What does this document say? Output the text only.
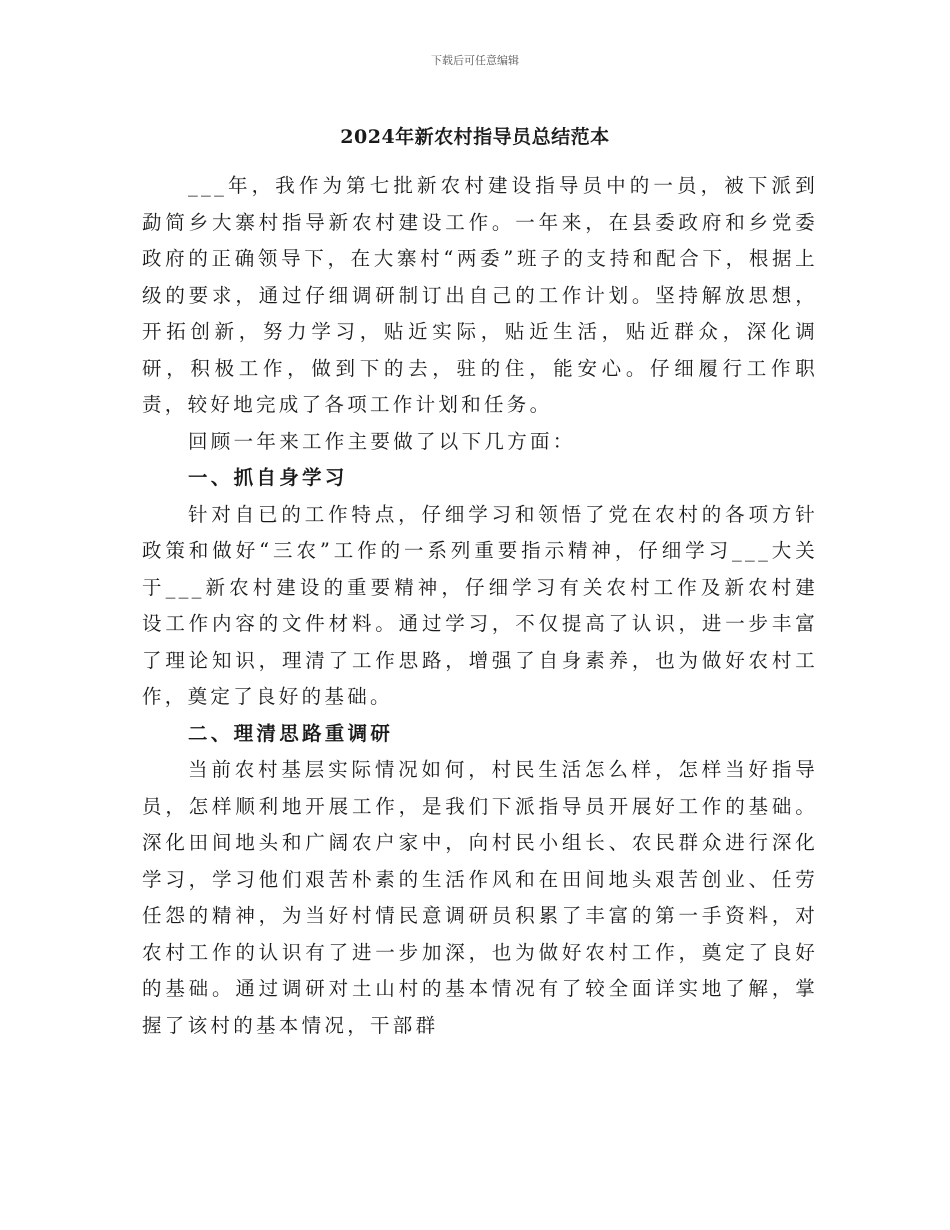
下载后可任意编辑
2024年新农村指导员总结范本

___年，我作为第七批新农村建设指导员中的一员，被下派到勐简乡大寨村指导新农村建设工作。一年来，在县委政府和乡党委政府的正确领导下，在大寨村“两委”班子的支持和配合下，根据上级的要求，通过仔细调研制订出自己的工作计划。坚持解放思想，开拓创新，努力学习，贴近实际，贴近生活，贴近群众，深化调研，积极工作，做到下的去，驻的住，能安心。仔细履行工作职责，较好地完成了各项工作计划和任务。

回顾一年来工作主要做了以下几方面：

一、抓自身学习

针对自已的工作特点，仔细学习和领悟了党在农村的各项方针政策和做好“三农”工作的一系列重要指示精神，仔细学习___大关于___新农村建设的重要精神，仔细学习有关农村工作及新农村建设工作内容的文件材料。通过学习，不仅提高了认识，进一步丰富了理论知识，理清了工作思路，增强了自身素养，也为做好农村工作，奠定了良好的基础。

二、理清思路重调研

当前农村基层实际情况如何，村民生活怎么样，怎样当好指导员，怎样顺利地开展工作，是我们下派指导员开展好工作的基础。深化田间地头和广阔农户家中，向村民小组长、农民群众进行深化学习，学习他们艰苦朴素的生活作风和在田间地头艰苦创业、任劳任怨的精神，为当好村情民意调研员积累了丰富的第一手资料，对农村工作的认识有了进一步加深，也为做好农村工作，奠定了良好的基础。通过调研对土山村的基本情况有了较全面详实地了解，掌握了该村的基本情况，干部群
